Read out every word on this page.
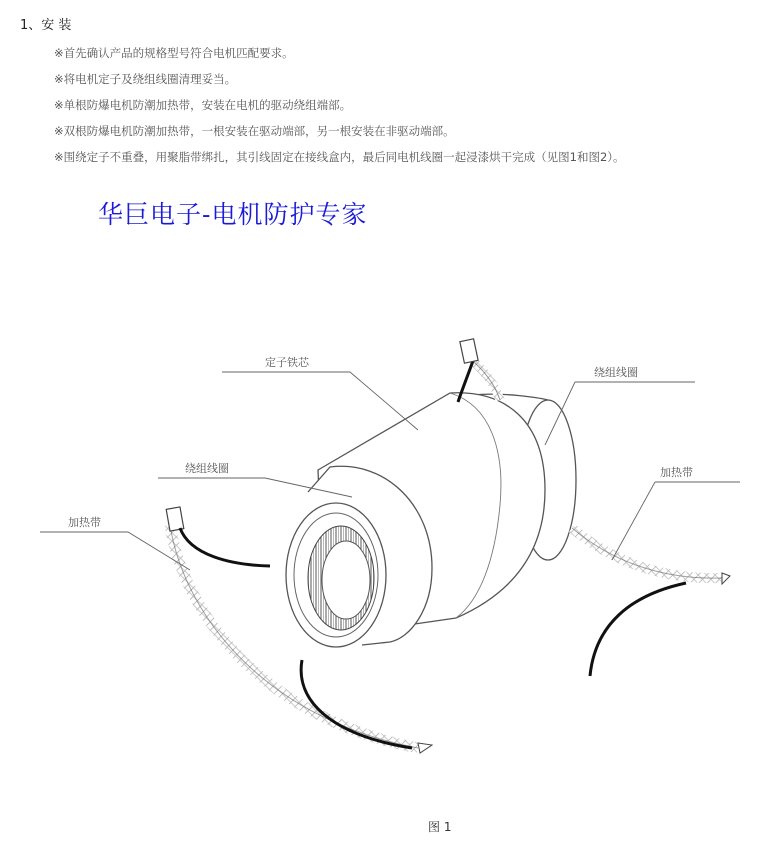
1、安 装
※首先确认产品的规格型号符合电机匹配要求。
※将电机定子及绕组线圈清理妥当。
※单根防爆电机防潮加热带，安装在电机的驱动绕组端部。
※双根防爆电机防潮加热带，一根安装在驱动端部，另一根安装在非驱动端部。
※围绕定子不重叠，用聚脂带绑扎，其引线固定在接线盒内，最后同电机线圈一起浸漆烘干完成（见图1和图2）。
华巨电子-电机防护专家
定子铁芯
绕组线圈
绕组线圈	加热带
加热带
图 1
